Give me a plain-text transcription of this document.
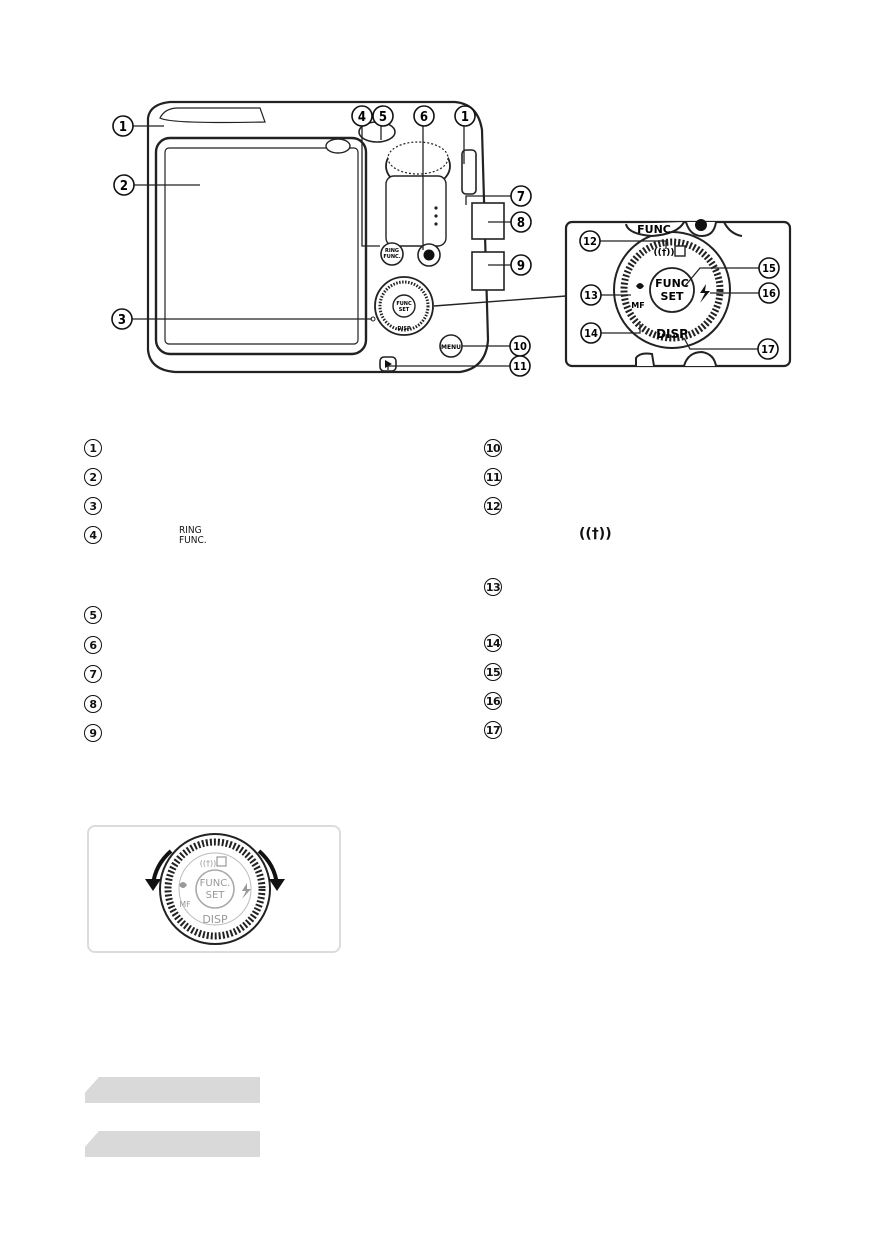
RING
FUNC.
FUNC
SET
DISP
MENU
FUNC
SET
DISP
MF
((†))
FUNC
1
2
3
4 5	6	1
7
8
9
10
11
12
13
14
15
16
17
1
2
3
4	RING
FUNC.
5
6
7
8
9
10
11
12
((†))
13
14
15
16
17
FUNC.
SET
DISP
MF
((†))
